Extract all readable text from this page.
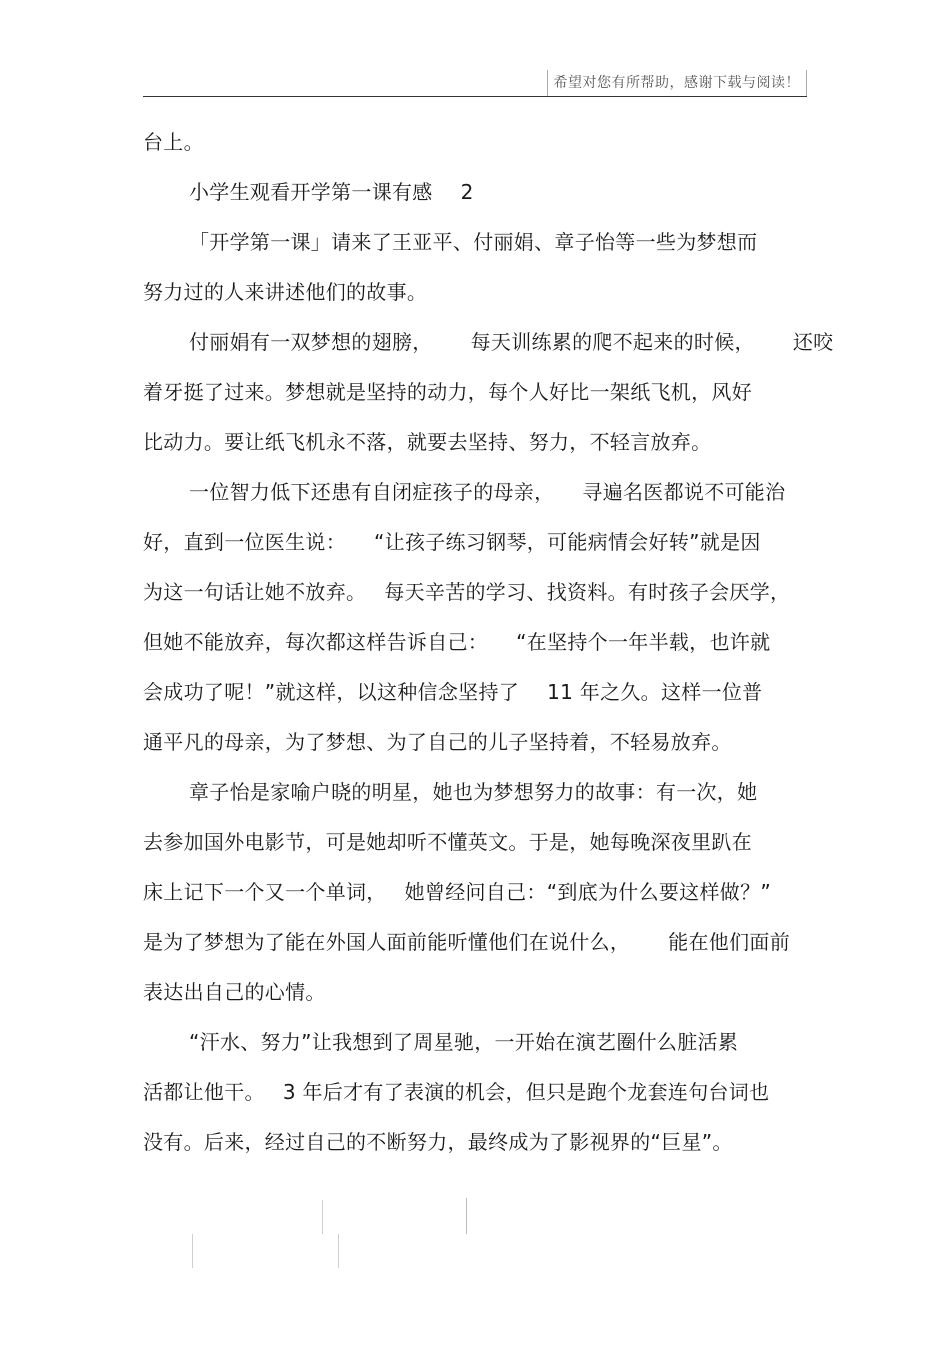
希望对您有所帮助，感谢下载与阅读！
台上。
小学生观看开学第一课有感 2
「开学第一课」请来了王亚平、付丽娟、章子怡等一些为梦想而
努力过的人来讲述他们的故事。
付丽娟有一双梦想的翅膀， 每天训练累的爬不起来的时候， 还咬
着牙挺了过来。梦想就是坚持的动力，每个人好比一架纸飞机，风好
比动力。要让纸飞机永不落，就要去坚持、努力，不轻言放弃。
一位智力低下还患有自闭症孩子的母亲， 寻遍名医都说不可能治
好，直到一位医生说： “让孩子练习钢琴，可能病情会好转”就是因
为这一句话让她不放弃。 每天辛苦的学习、找资料。有时孩子会厌学，
但她不能放弃，每次都这样告诉自己： “在坚持个一年半载，也许就
会成功了呢！”就这样，以这种信念坚持了 11 年之久。这样一位普
通平凡的母亲，为了梦想、为了自己的儿子坚持着，不轻易放弃。
章子怡是家喻户晓的明星，她也为梦想努力的故事：有一次，她
去参加国外电影节，可是她却听不懂英文。于是，她每晚深夜里趴在
床上记下一个又一个单词， 她曾经问自己：“到底为什么要这样做？”
是为了梦想为了能在外国人面前能听懂他们在说什么， 能在他们面前
表达出自己的心情。
“汗水、努力”让我想到了周星驰，一开始在演艺圈什么脏活累
活都让他干。 3 年后才有了表演的机会，但只是跑个龙套连句台词也
没有。后来，经过自己的不断努力，最终成为了影视界的“巨星”。
